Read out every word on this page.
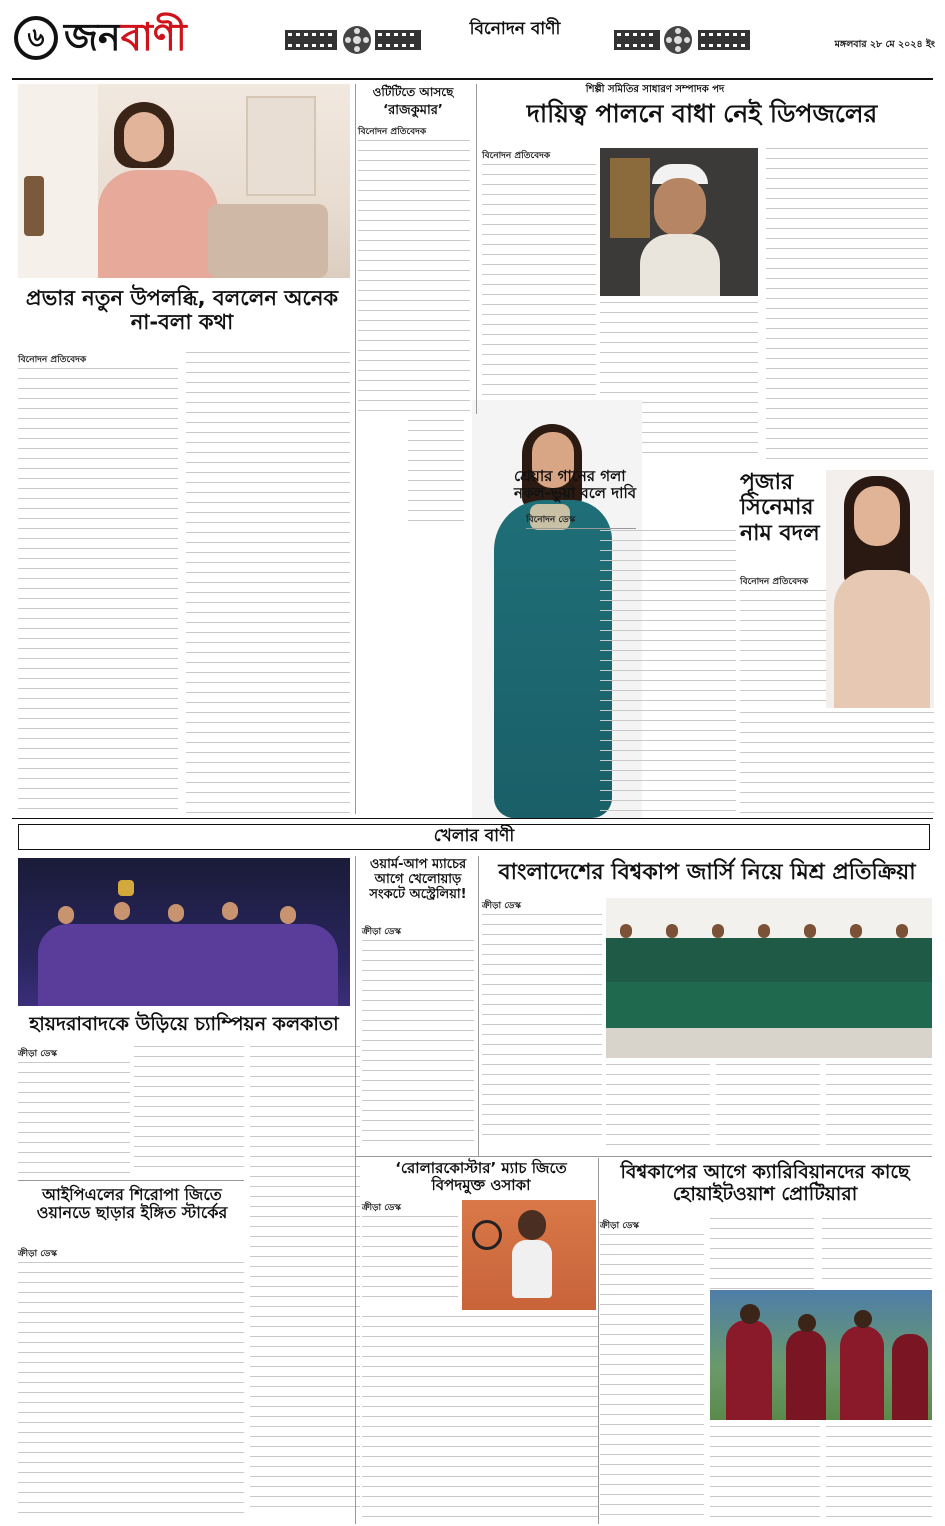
৬ জনবাণী	বিনোদন বাণী
মঙ্গলবার ২৮ মে ২০২৪ ইং
প্রভার নতুন উপলব্ধি, বললেন অনেক না-বলা কথা
বিনোদন প্রতিবেদক
ওটিটিতে আসছে
‘রাজকুমার’
বিনোদন প্রতিবেদক
শিল্পী সমিতির সাধারণ সম্পাদক পদ
দায়িত্ব পালনে বাধা নেই ডিপজলের
বিনোদন প্রতিবেদক
শ্রেয়ার গানের গলা নকল-ভুয়া বলে দাবি
বিনোদন ডেস্ক
পূজার সিনেমার নাম বদল
বিনোদন প্রতিবেদক
খেলার বাণী
হায়দরাবাদকে উড়িয়ে চ্যাম্পিয়ন কলকাতা
ক্রীড়া ডেস্ক
ওয়ার্ম-আপ ম্যাচের আগে খেলোয়াড় সংকটে অস্ট্রেলিয়া!
ক্রীড়া ডেস্ক
বাংলাদেশের বিশ্বকাপ জার্সি নিয়ে মিশ্র প্রতিক্রিয়া
ক্রীড়া ডেস্ক
আইপিএলের শিরোপা জিতে ওয়ানডে ছাড়ার ইঙ্গিত স্টার্কের
ক্রীড়া ডেস্ক
‘রোলারকোস্টার’ ম্যাচ জিতে বিপদমুক্ত ওসাকা
ক্রীড়া ডেস্ক
বিশ্বকাপের আগে ক্যারিবিয়ানদের কাছে হোয়াইটওয়াশ প্রোটিয়ারা
ক্রীড়া ডেস্ক
